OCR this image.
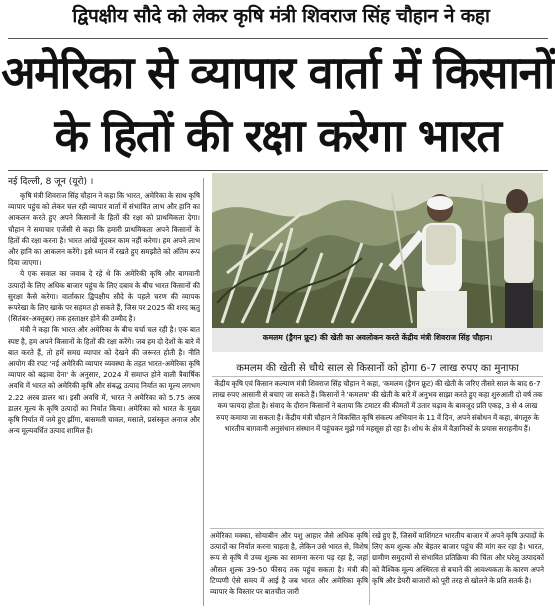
द्विपक्षीय सौदे को लेकर कृषि मंत्री शिवराज सिंह चौहान ने कहा
अमेरिका से व्यापार वार्ता में किसानों
के हितों की रक्षा करेगा भारत
नई दिल्ली, 8 जून (यूरो) ।

कृषि मंत्री शिवराज सिंह चौहान ने कहा कि भारत, अमेरिका के साथ कृषि व्यापार पहुंच को लेकर चल रही व्यापार वार्ता में संभावित लाभ और हानि का आकलन करते हुए अपने किसानों के हितों की रक्षा को प्राथमिकता देगा। चौहान ने समाचार एजेंसी से कहा कि हमारी प्राथमिकता अपने किसानों के हितों की रक्षा करना है। भारत आंखें मूंदकर काम नहीं करेगा। हम अपने लाभ और हानि का आकलन करेंगे। इसे ध्यान में रखते हुए समझौते को अंतिम रूप दिया जाएगा।

ये एक सवाल का जवाब दे रहे थे कि अमेरिकी कृषि और बागवानी उत्पादों के लिए अधिक बाजार पहुंच के लिए दबाव के बीच भारत किसानों की सुरक्षा कैसे करेगा। वार्ताकार द्विपक्षीय सौदे के पहले चरण की व्यापक रूपरेखा के लिए खाके पर सहमत हो सकते हैं, जिस पर 2025 की शरद ऋतु (सितंबर-अक्तूबर) तक हस्ताक्षर होने की उम्मीद है।

मंत्री ने कहा कि भारत और अमेरिका के बीच चर्चा चल रही है। एक बात स्पष्ट है, हम अपने किसानों के हितों की रक्षा करेंगे। जब हम दो देशों के बारे में बात करते हैं, तो हमें समग्र व्यापार को देखने की जरूरत होती है। नीति आयोग की रपट 'नई अमेरिकी व्यापार व्यवस्था के तहत भारत-अमेरिका कृषि व्यापार को बढ़ावा देना' के अनुसार, 2024 में समाप्त होने वाली त्रैवार्षिक अवधि में भारत को अमेरिकी कृषि और संबद्ध उत्पाद निर्यात का मूल्य लगभग 2.22 अरब डालर था। इसी अवधि में, भारत ने अमेरिका को 5.75 अरब डालर मूल्य के कृषि उत्पादों का निर्यात किया। अमेरिका को भारत के मुख्य कृषि निर्यात में जमे हुए झींगा, बासमती चावल, मसाले, प्रसंस्कृत अनाज और अन्य मूल्यवर्धित उत्पाद शामिल हैं।

कमलम (ड्रैगन फ्रूट) की खेती का अवलोकन करते केंद्रीय मंत्री शिवराज सिंह चौहान।
कमलम की खेती से चौथे साल से किसानों को होगा 6-7 लाख रुपए का मुनाफा

केंद्रीय कृषि एवं किसान कल्याण मंत्री शिवराज सिंह चौहान ने कहा, 'कमलम (ड्रैगन फ्रूट) की खेती के जरिए तीसरे साल के बाद 6-7 लाख रुपए आसानी से बचाए जा सकते हैं। किसानों ने 'कमलम' की खेती के बारे में अनुभव साझा करते हुए कहा शुरुआती दो वर्ष तक कम फायदा होता है। संवाद के दौरान किसानों ने बताया कि टमाटर की कीमतों में उतार चढ़ाव के बावजूद प्रति एकड़, 3 से 4 लाख रुपए कमाया जा सकता है। केंद्रीय मंत्री चौहान ने विकसित कृषि संकल्प अभियान के 11 वें दिन, अपने संबोधन में कहा, बंगलूरु के भारतीय बागवानी अनुसंधान संस्थान में पहुंचकर मुझे गर्व महसूस हो रहा है। शोध के क्षेत्र में वैज्ञानिकों के प्रयास सराहनीय हैं।

अमेरिका मक्का, सोयाबीन और पशु आहार जैसे अधिक कृषि उत्पादों का निर्यात करना चाहता है, लेकिन उसे भारत से, विशेष रूप से कृषि में उच्च शुल्क का सामना करना पड़ रहा है, जहां औसत शुल्क 39-50 फीसद तक पहुंच सकता है। मंत्री की टिप्पणी ऐसे समय में आई है जब भारत और अमेरिका कृषि व्यापार के विस्तार पर बातचीत जारी

रखे हुए हैं, जिसमें वाशिंगटन भारतीय बाजार में अपने कृषि उत्पादों के लिए कम शुल्क और बेहतर बाजार पहुंच की मांग कर रहा है। भारत, ग्रामीण समुदायों से संभावित प्रतिक्रिया की चिंता और घरेलू उत्पादकों को वैश्विक मूल्य अस्थिरता से बचाने की आवश्यकता के कारण अपने कृषि और डेयरी बाजारों को पूरी तरह से खोलने के प्रति सतर्क है।
